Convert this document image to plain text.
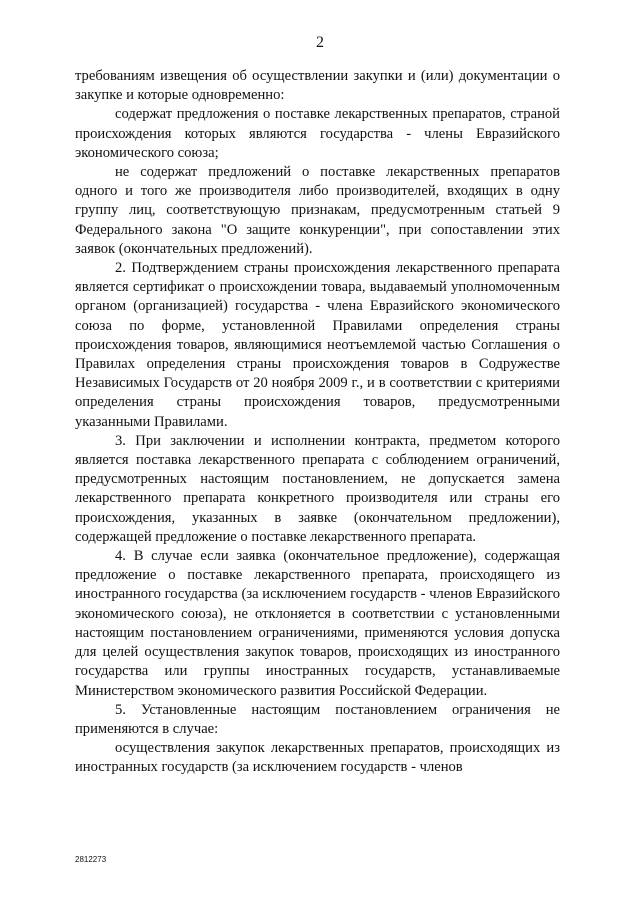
2

требованиям извещения об осуществлении закупки и (или) документации о закупке и которые одновременно:

содержат предложения о поставке лекарственных препаратов, страной происхождения которых являются государства - члены Евразийского экономического союза;

не содержат предложений о поставке лекарственных препаратов одного и того же производителя либо производителей, входящих в одну группу лиц, соответствующую признакам, предусмотренным статьей 9 Федерального закона "О защите конкуренции", при сопоставлении этих заявок (окончательных предложений).

2. Подтверждением страны происхождения лекарственного препарата является сертификат о происхождении товара, выдаваемый уполномоченным органом (организацией) государства - члена Евразийского экономического союза по форме, установленной Правилами определения страны происхождения товаров, являющимися неотъемлемой частью Соглашения о Правилах определения страны происхождения товаров в Содружестве Независимых Государств от 20 ноября 2009 г., и в соответствии с критериями определения страны происхождения товаров, предусмотренными указанными Правилами.

3. При заключении и исполнении контракта, предметом которого является поставка лекарственного препарата с соблюдением ограничений, предусмотренных настоящим постановлением, не допускается замена лекарственного препарата конкретного производителя или страны его происхождения, указанных в заявке (окончательном предложении), содержащей предложение о поставке лекарственного препарата.

4. В случае если заявка (окончательное предложение), содержащая предложение о поставке лекарственного препарата, происходящего из иностранного государства (за исключением государств - членов Евразийского экономического союза), не отклоняется в соответствии с установленными настоящим постановлением ограничениями, применяются условия допуска для целей осуществления закупок товаров, происходящих из иностранного государства или группы иностранных государств, устанавливаемые Министерством экономического развития Российской Федерации.

5. Установленные настоящим постановлением ограничения не применяются в случае:

осуществления закупок лекарственных препаратов, происходящих из иностранных государств (за исключением государств - членов

2812273
